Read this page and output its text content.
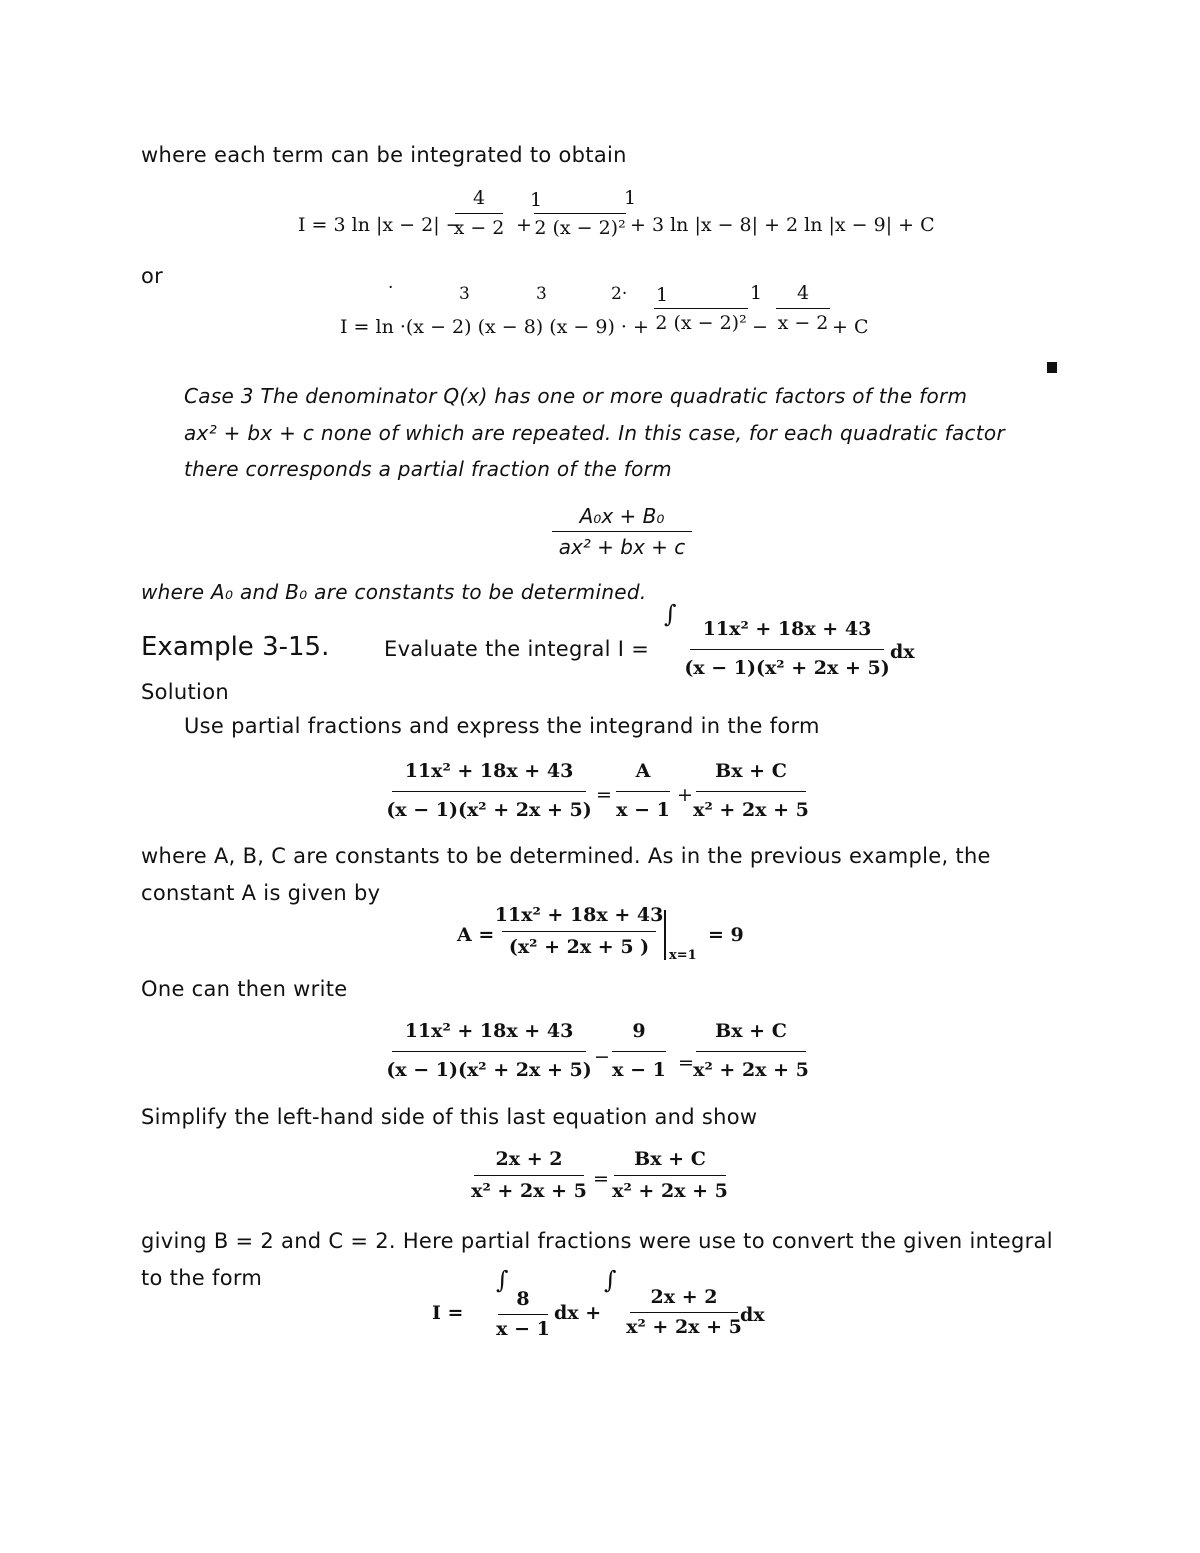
where each term can be integrated to obtain
I = 3 ln |x − 2| −
4
x − 2 +
1	1
2 (x − 2)² + 3 ln |x − 8| + 2 ln |x − 9| + C
or	·	3	3	2·
I = ln ·(x − 2) (x − 8) (x − 9) · +
1	1
2 (x − 2)² −
4
x − 2 + C
Case 3 The denominator Q(x) has one or more quadratic factors of the form
ax² + bx + c none of which are repeated. In this case, for each quadratic factor
there corresponds a partial fraction of the form
A₀x + B₀
ax² + bx + c
where A₀ and B₀ are constants to be determined.
Example 3-15.	Evaluate the integral I =
∫
11x² + 18x + 43
(x − 1)(x² + 2x + 5)
dx
Solution
Use partial fractions and express the integrand in the form
11x² + 18x + 43
(x − 1)(x² + 2x + 5)
=
A
x − 1
+
Bx + C
x² + 2x + 5
where A, B, C are constants to be determined. As in the previous example, the
constant A is given by
A =
11x² + 18x + 43
(x² + 2x + 5 ) x=1
= 9
One can then write
11x² + 18x + 43
(x − 1)(x² + 2x + 5)
−
9
x − 1 =
Bx + C
x² + 2x + 5
Simplify the left-hand side of this last equation and show
2x + 2
x² + 2x + 5
=
Bx + C
x² + 2x + 5
giving B = 2 and C = 2. Here partial fractions were use to convert the given integral
to the form
I =
∫
8
x − 1
dx +
∫
2x + 2
x² + 2x + 5
dx
